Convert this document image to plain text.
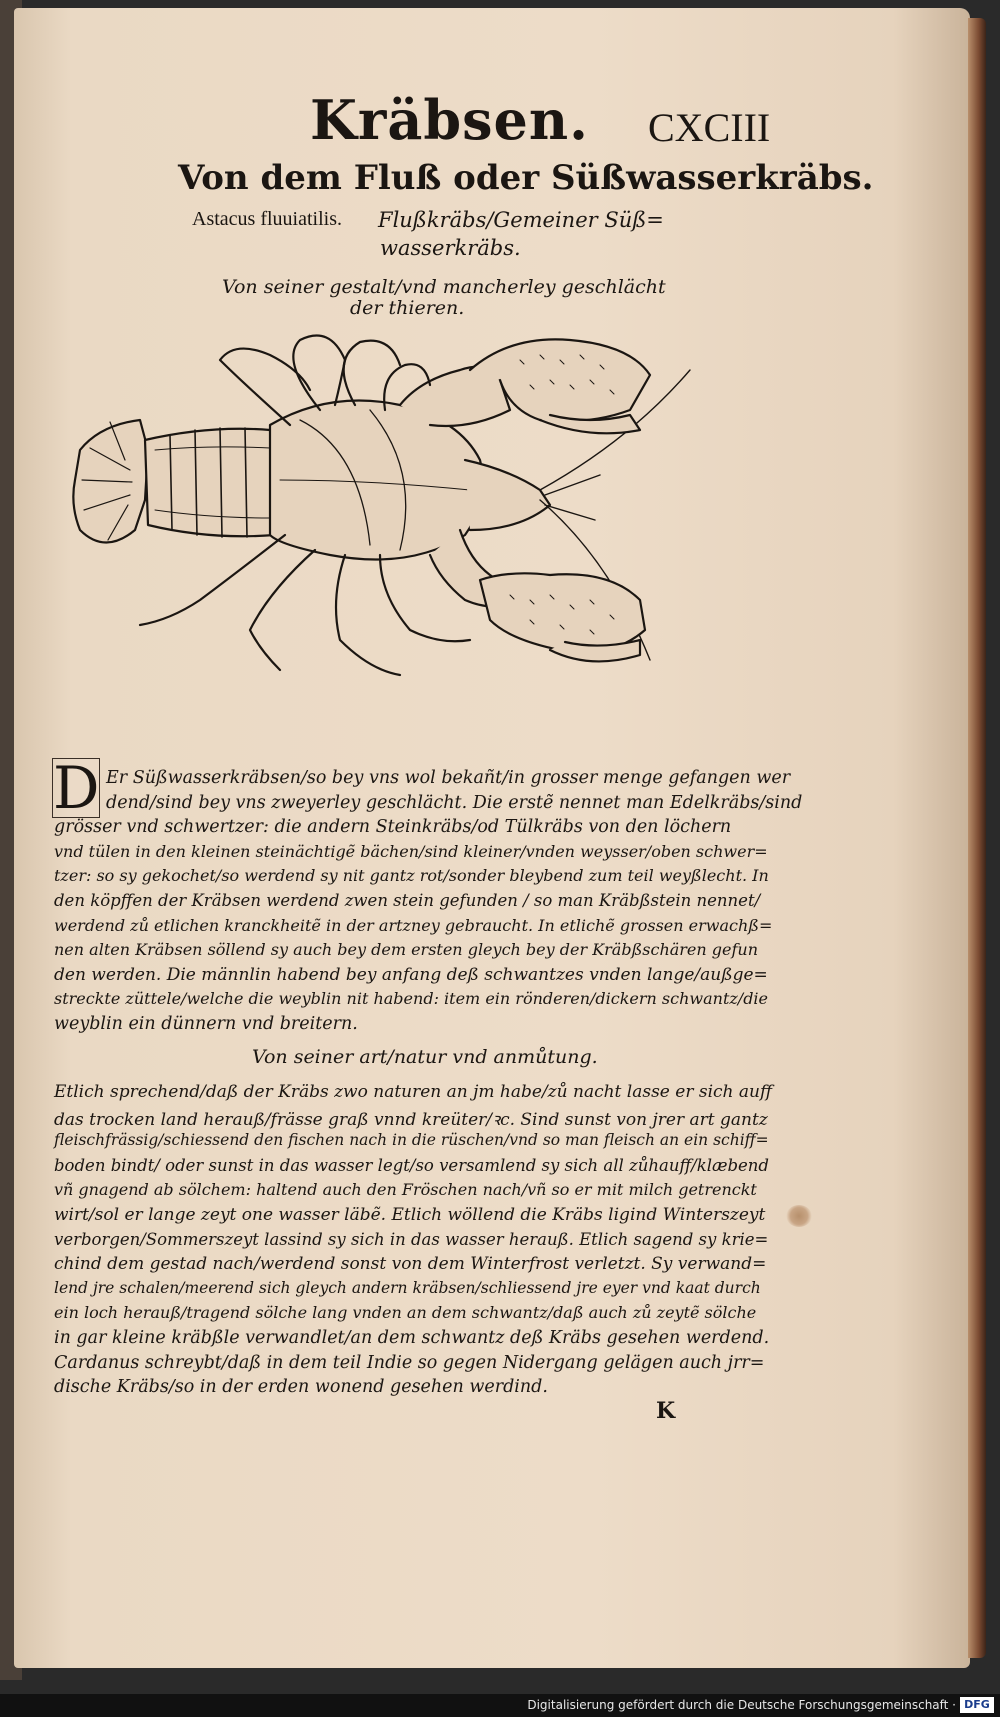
Kräbsen. CXCIII
Von dem Fluß oder Süßwasserkräbs.
Astacus fluuiatilis. Flußkräbs/Gemeiner Süß=
wasserkräbs.
Von seiner gestalt/vnd mancherley geschlächt
der thieren.
D Er Süßwasserkräbsen/so bey vns wol bekañt/in grosser menge gefangen wer
dend/sind bey vns zweyerley geschlächt. Die erstẽ nennet man Edelkräbs/sind
grösser vnd schwertzer: die andern Steinkräbs/od Tülkräbs von den löchern
vnd tülen in den kleinen steinächtigẽ bächen/sind kleiner/vnden weysser/oben schwer=
tzer: so sy gekochet/so werdend sy nit gantz rot/sonder bleybend zum teil weyßlecht. In
den köpffen der Kräbsen werdend zwen stein gefunden / so man Kräbßstein nennet/
werdend zů etlichen kranckheitẽ in der artzney gebraucht. In etlichẽ grossen erwachß=
nen alten Kräbsen söllend sy auch bey dem ersten gleych bey der Kräbßschären gefun
den werden. Die männlin habend bey anfang deß schwantzes vnden lange/außge=
streckte züttele/welche die weyblin nit habend: item ein rönderen/dickern schwantz/die
weyblin ein dünnern vnd breitern.
Von seiner art/natur vnd anmůtung.
Etlich sprechend/daß der Kräbs zwo naturen an jm habe/zů nacht lasse er sich auff
das trocken land herauß/frässe graß vnnd kreüter/ꝛc. Sind sunst von jrer art gantz
fleischfrässig/schiessend den fischen nach in die rüschen/vnd so man fleisch an ein schiff=
boden bindt/ oder sunst in das wasser legt/so versamlend sy sich all zůhauff/klæbend
vñ gnagend ab sölchem: haltend auch den Fröschen nach/vñ so er mit milch getrenckt
wirt/sol er lange zeyt one wasser läbẽ. Etlich wöllend die Kräbs ligind Winterszeyt
verborgen/Sommerszeyt lassind sy sich in das wasser herauß. Etlich sagend sy krie=
chind dem gestad nach/werdend sonst von dem Winterfrost verletzt. Sy verwand=
lend jre schalen/meerend sich gleych andern kräbsen/schliessend jre eyer vnd kaat durch
ein loch herauß/tragend sölche lang vnden an dem schwantz/daß auch zů zeytẽ sölche
in gar kleine kräbßle verwandlet/an dem schwantz deß Kräbs gesehen werdend.
Cardanus schreybt/daß in dem teil Indie so gegen Nidergang gelägen auch jrr=
dische Kräbs/so in der erden wonend gesehen werdind.
K
Digitalisierung gefördert durch die Deutsche Forschungsgemeinschaft · DFG
